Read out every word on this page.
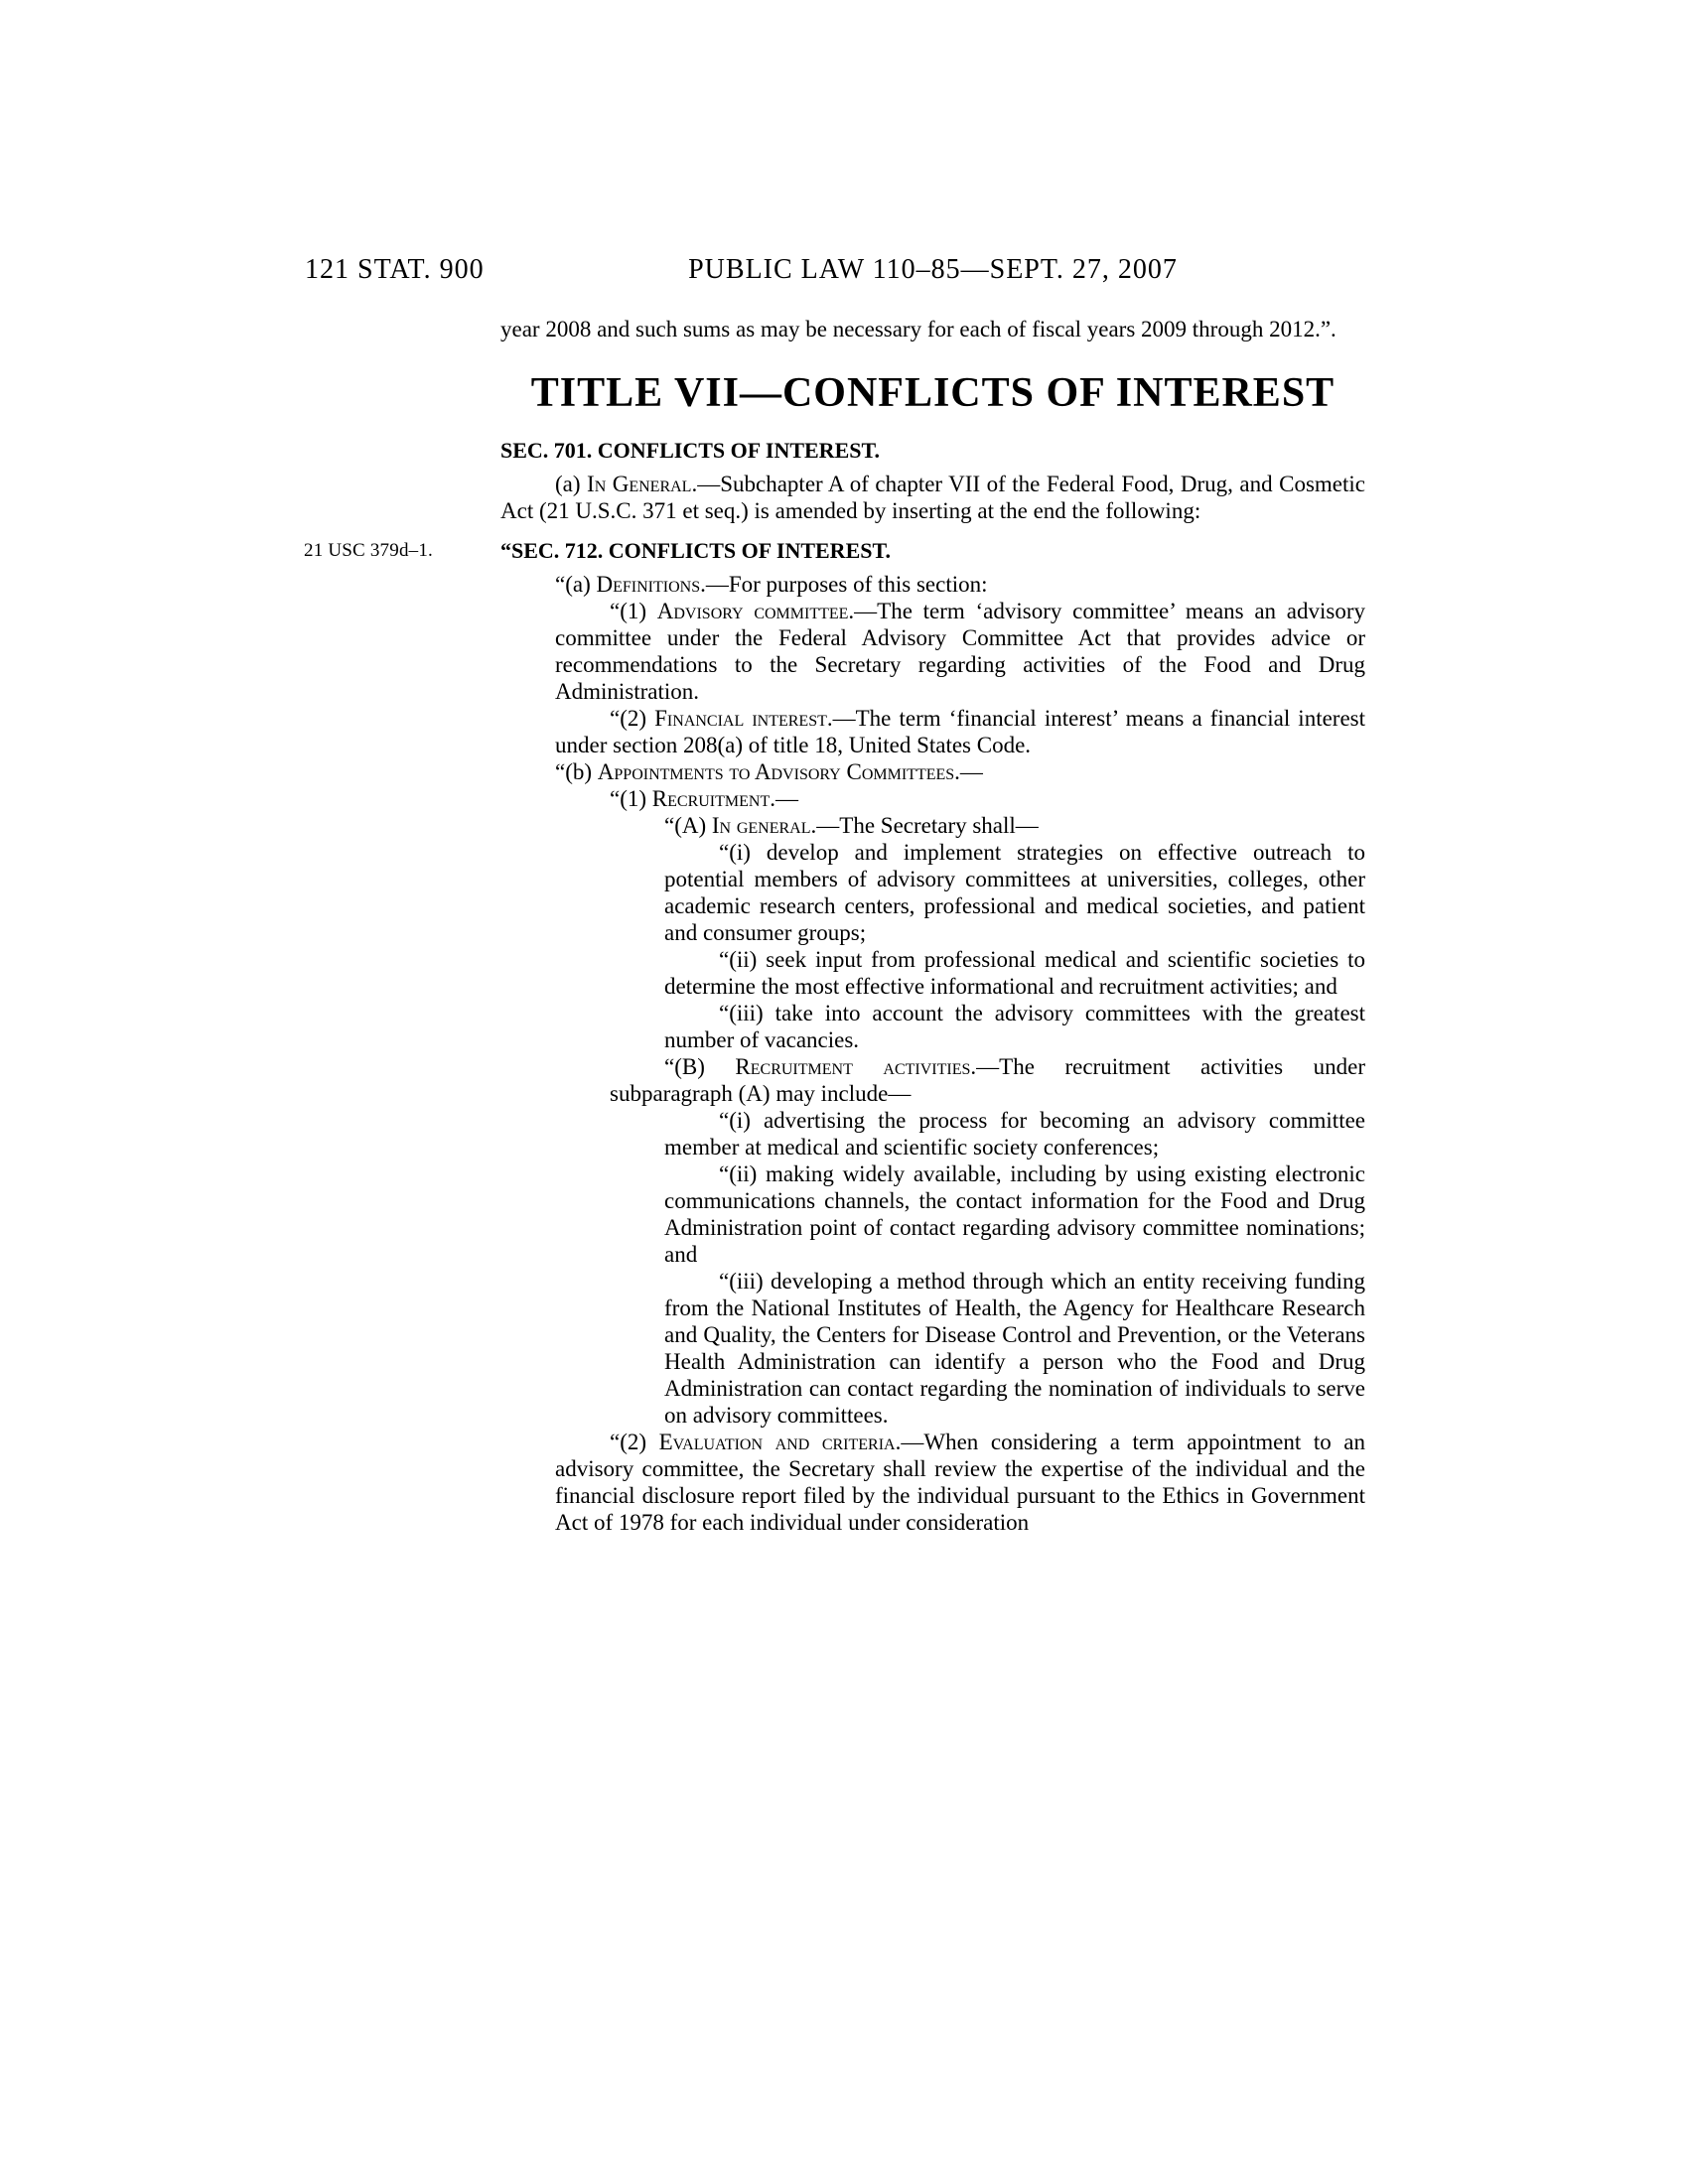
121 STAT. 900	PUBLIC LAW 110–85—SEPT. 27, 2007
year 2008 and such sums as may be necessary for each of fiscal years 2009 through 2012.”.
TITLE VII—CONFLICTS OF INTEREST
SEC. 701. CONFLICTS OF INTEREST.
(a) In General.—Subchapter A of chapter VII of the Federal Food, Drug, and Cosmetic Act (21 U.S.C. 371 et seq.) is amended by inserting at the end the following:
“SEC. 712. CONFLICTS OF INTEREST.
21 USC 379d–1.
“(a) Definitions.—For purposes of this section:
“(1) Advisory committee.—The term ‘advisory committee’ means an advisory committee under the Federal Advisory Committee Act that provides advice or recommendations to the Secretary regarding activities of the Food and Drug Administration.
“(2) Financial interest.—The term ‘financial interest’ means a financial interest under section 208(a) of title 18, United States Code.
“(b) Appointments to Advisory Committees.—
“(1) Recruitment.—
“(A) In general.—The Secretary shall—
“(i) develop and implement strategies on effective outreach to potential members of advisory committees at universities, colleges, other academic research centers, professional and medical societies, and patient and consumer groups;
“(ii) seek input from professional medical and scientific societies to determine the most effective informational and recruitment activities; and
“(iii) take into account the advisory committees with the greatest number of vacancies.
“(B) Recruitment activities.—The recruitment activities under subparagraph (A) may include—
“(i) advertising the process for becoming an advisory committee member at medical and scientific society conferences;
“(ii) making widely available, including by using existing electronic communications channels, the contact information for the Food and Drug Administration point of contact regarding advisory committee nominations; and
“(iii) developing a method through which an entity receiving funding from the National Institutes of Health, the Agency for Healthcare Research and Quality, the Centers for Disease Control and Prevention, or the Veterans Health Administration can identify a person who the Food and Drug Administration can contact regarding the nomination of individuals to serve on advisory committees.
“(2) Evaluation and criteria.—When considering a term appointment to an advisory committee, the Secretary shall review the expertise of the individual and the financial disclosure report filed by the individual pursuant to the Ethics in Government Act of 1978 for each individual under consideration
